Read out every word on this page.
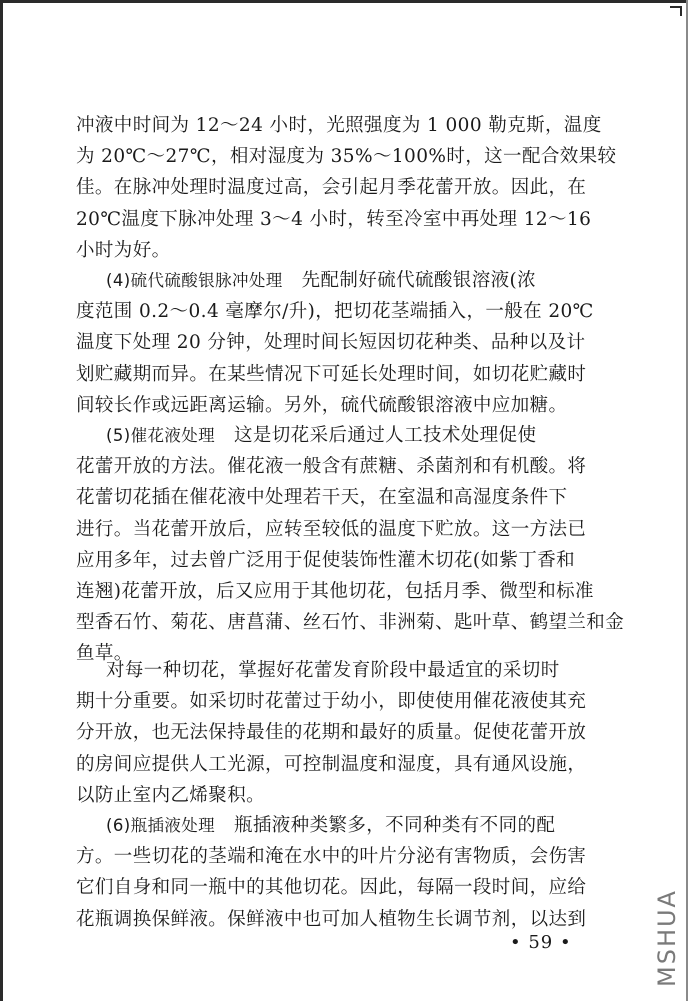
冲液中时间为 12～24 小时，光照强度为 1 000 勒克斯，温度
为 20℃～27℃，相对湿度为 35%～100%时，这一配合效果较
佳。在脉冲处理时温度过高，会引起月季花蕾开放。因此，在
20℃温度下脉冲处理 3～4 小时，转至冷室中再处理 12～16
小时为好。
(4)硫代硫酸银脉冲处理　 先配制好硫代硫酸银溶液(浓
度范围 0.2～0.4 毫摩尔/升)，把切花茎端插入，一般在 20℃
温度下处理 20 分钟，处理时间长短因切花种类、品种以及计
划贮藏期而异。在某些情况下可延长处理时间，如切花贮藏时
间较长作或远距离运输。另外，硫代硫酸银溶液中应加糖。
(5)催花液处理　 这是切花采后通过人工技术处理促使
花蕾开放的方法。催花液一般含有蔗糖、杀菌剂和有机酸。将
花蕾切花插在催花液中处理若干天，在室温和高湿度条件下
进行。当花蕾开放后，应转至较低的温度下贮放。这一方法已
应用多年，过去曾广泛用于促使装饰性灌木切花(如紫丁香和
连翘)花蕾开放，后又应用于其他切花，包括月季、微型和标准
型香石竹、菊花、唐菖蒲、丝石竹、非洲菊、匙叶草、鹤望兰和金
鱼草。
对每一种切花，掌握好花蕾发育阶段中最适宜的采切时
期十分重要。如采切时花蕾过于幼小，即使使用催花液使其充
分开放，也无法保持最佳的花期和最好的质量。促使花蕾开放
的房间应提供人工光源，可控制温度和湿度，具有通风设施，
以防止室内乙烯聚积。
(6)瓶插液处理　 瓶插液种类繁多，不同种类有不同的配
方。一些切花的茎端和淹在水中的叶片分泌有害物质，会伤害
它们自身和同一瓶中的其他切花。因此，每隔一段时间，应给
花瓶调换保鲜液。保鲜液中也可加人植物生长调节剂，以达到
• 59 •	MSHUA
